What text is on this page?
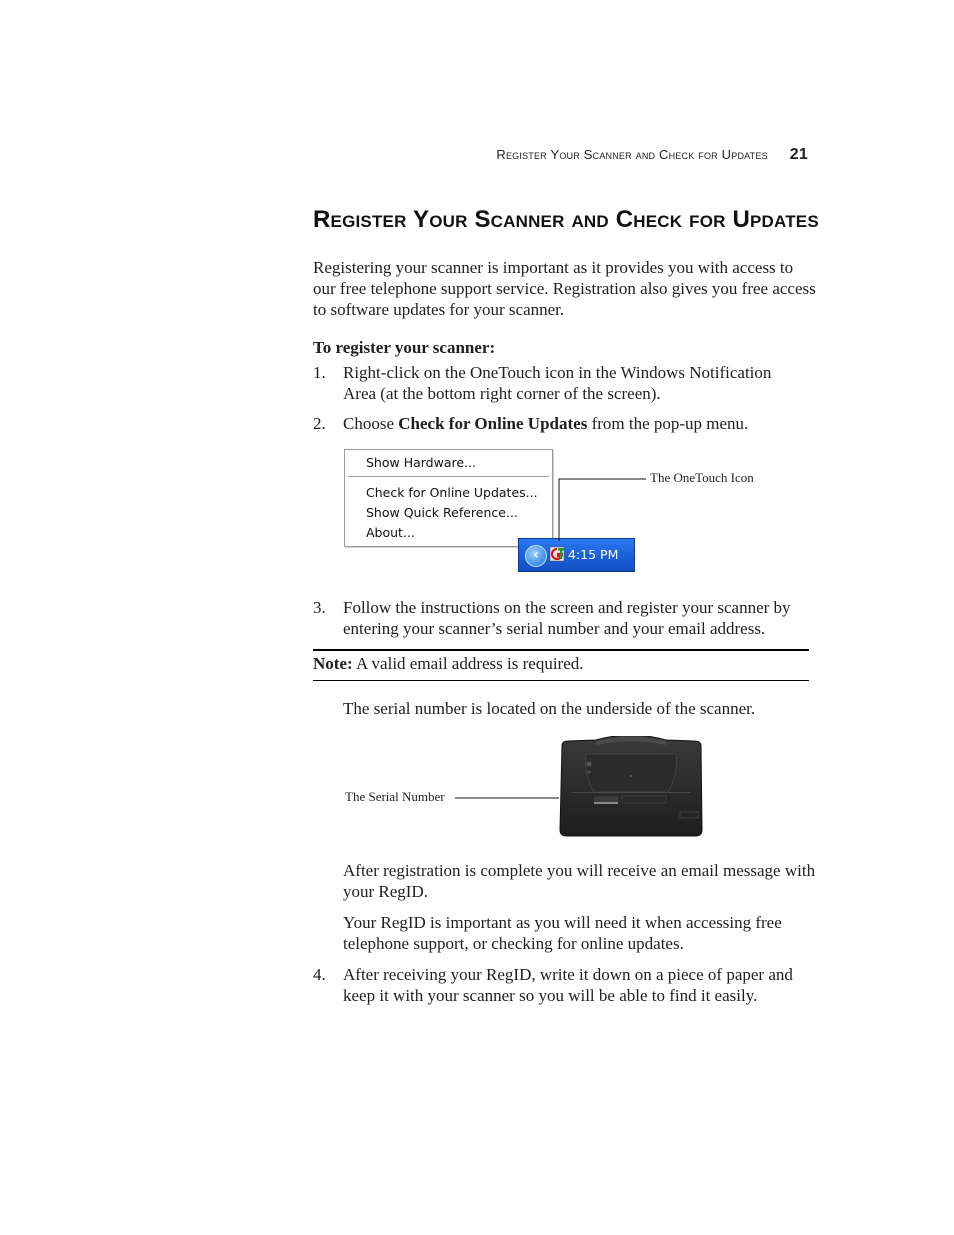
Register Your Scanner and Check for Updates 21
Register Your Scanner and Check for Updates
Registering your scanner is important as it provides you with access to
our free telephone support service. Registration also gives you free access
to software updates for your scanner.
To register your scanner:
1. Right-click on the OneTouch icon in the Windows Notification
Area (at the bottom right corner of the screen).
2. Choose Check for Online Updates from the pop-up menu.
Show Hardware...
Check for Online Updates...
Show Quick Reference...
About...
‹	4:15 PM
The OneTouch Icon
3. Follow the instructions on the screen and register your scanner by
entering your scanner’s serial number and your email address.
Note: A valid email address is required.
The serial number is located on the underside of the scanner.
The Serial Number
After registration is complete you will receive an email message with
your RegID.
Your RegID is important as you will need it when accessing free
telephone support, or checking for online updates.
4. After receiving your RegID, write it down on a piece of paper and
keep it with your scanner so you will be able to find it easily.
